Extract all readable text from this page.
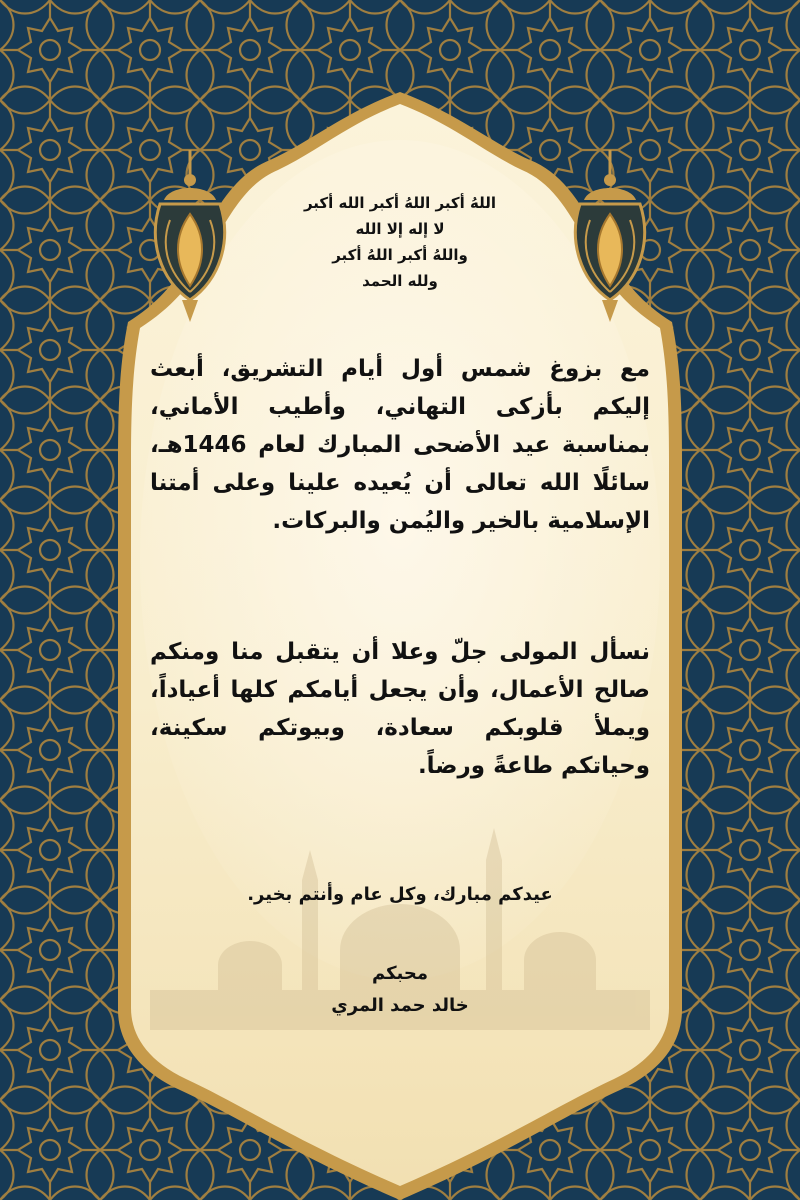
اللهُ أكبر اللهُ أكبر الله أكبر
لا إله إلا الله
واللهُ أكبر اللهُ أكبر
ولله الحمد
مع بزوغ شمس أول أيام التشريق، أبعث إليكم بأزكى التهاني، وأطيب الأماني، بمناسبة عيد الأضحى المبارك لعام 1446هـ، سائلًا الله تعالى أن يُعيده علينا وعلى أمتنا الإسلامية بالخير واليُمن والبركات.
نسأل المولى جلّ وعلا أن يتقبل منا ومنكم صالح الأعمال، وأن يجعل أيامكم كلها أعياداً، ويملأ قلوبكم سعادة، وبيوتكم سكينة، وحياتكم طاعةً ورضاً.
عيدكم مبارك، وكل عام وأنتم بخير.
محبكم
خالد حمد المري
